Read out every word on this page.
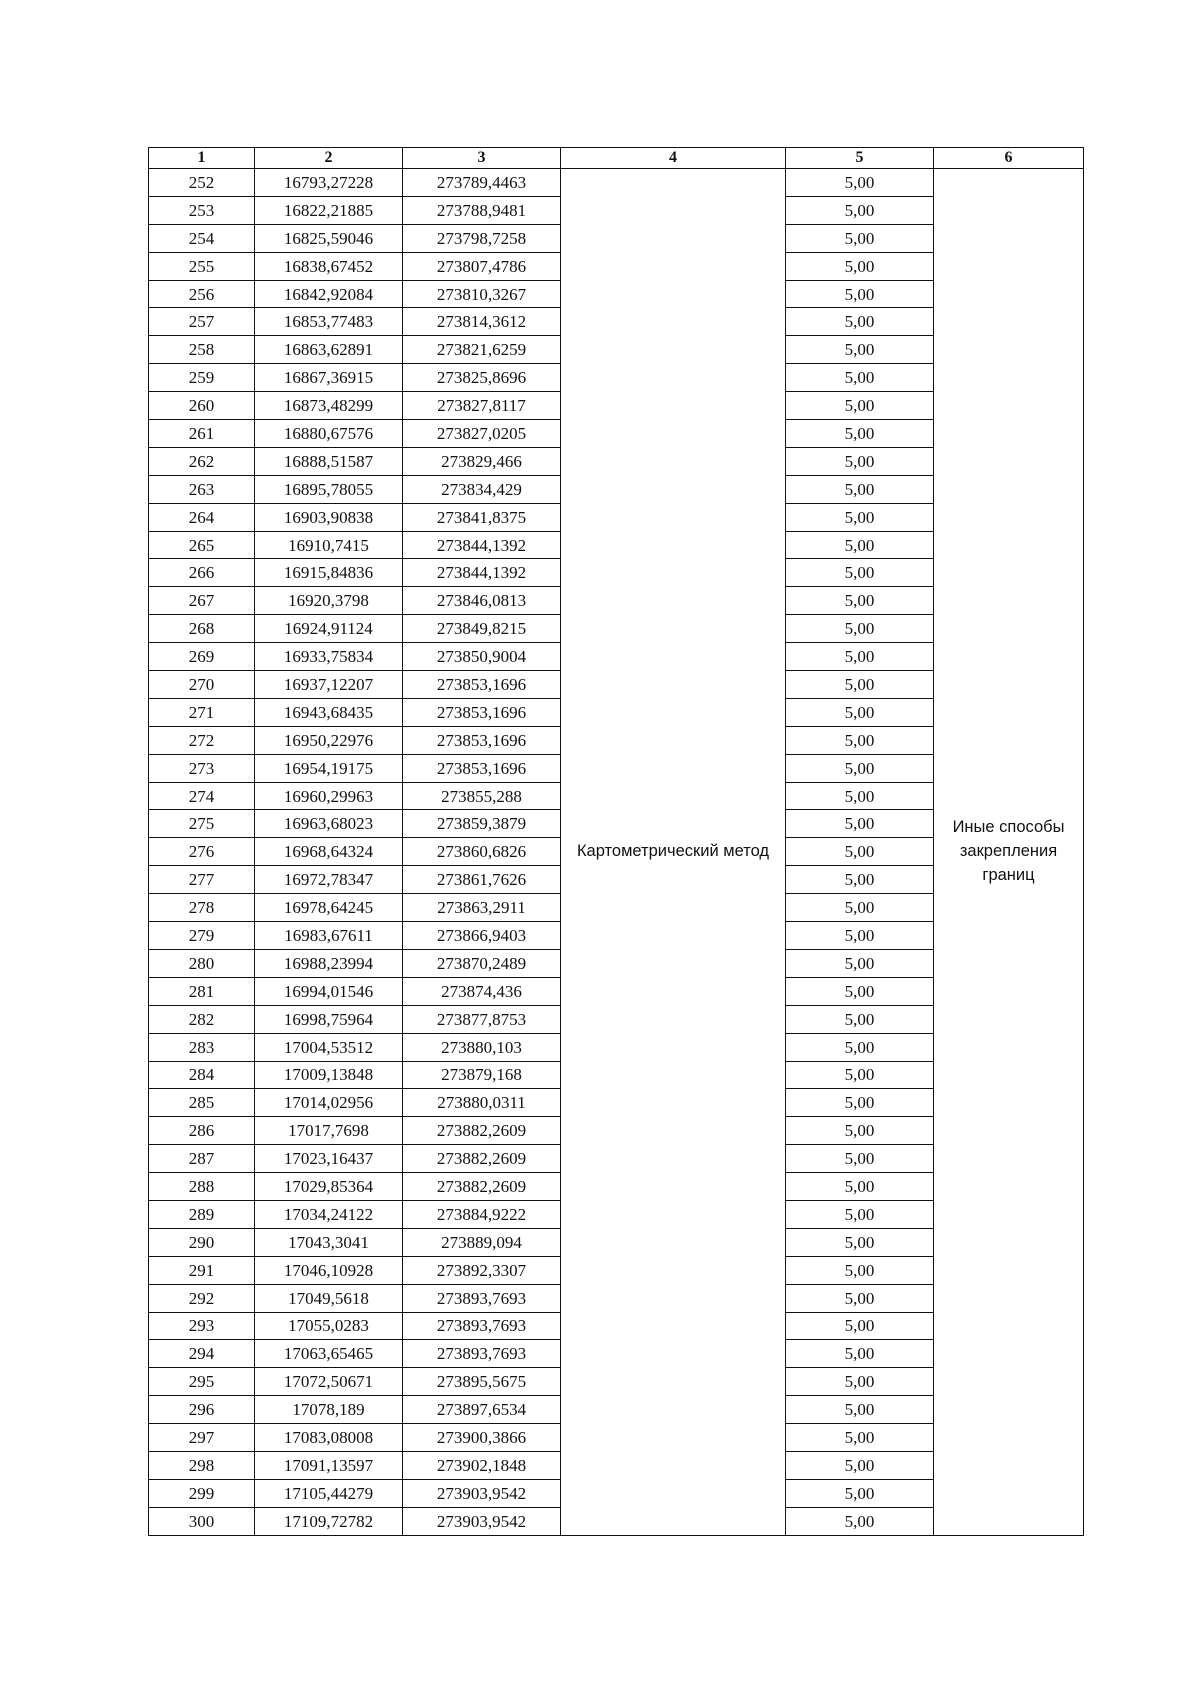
1	2	3	4	5	6
252	16793,27228	273789,4463	Картометрический метод	5,00	Иные способы закрепления границ
253	16822,21885	273788,9481		5,00	
254	16825,59046	273798,7258		5,00	
255	16838,67452	273807,4786		5,00	
256	16842,92084	273810,3267		5,00	
257	16853,77483	273814,3612		5,00	
258	16863,62891	273821,6259		5,00	
259	16867,36915	273825,8696		5,00	
260	16873,48299	273827,8117		5,00	
261	16880,67576	273827,0205		5,00	
262	16888,51587	273829,466		5,00	
263	16895,78055	273834,429		5,00	
264	16903,90838	273841,8375		5,00	
265	16910,7415	273844,1392		5,00	
266	16915,84836	273844,1392		5,00	
267	16920,3798	273846,0813		5,00	
268	16924,91124	273849,8215		5,00	
269	16933,75834	273850,9004		5,00	
270	16937,12207	273853,1696		5,00	
271	16943,68435	273853,1696		5,00	
272	16950,22976	273853,1696		5,00	
273	16954,19175	273853,1696		5,00	
274	16960,29963	273855,288		5,00	
275	16963,68023	273859,3879		5,00	
276	16968,64324	273860,6826		5,00	
277	16972,78347	273861,7626		5,00	
278	16978,64245	273863,2911		5,00	
279	16983,67611	273866,9403		5,00	
280	16988,23994	273870,2489		5,00	
281	16994,01546	273874,436		5,00	
282	16998,75964	273877,8753		5,00	
283	17004,53512	273880,103		5,00	
284	17009,13848	273879,168		5,00	
285	17014,02956	273880,0311		5,00	
286	17017,7698	273882,2609		5,00	
287	17023,16437	273882,2609		5,00	
288	17029,85364	273882,2609		5,00	
289	17034,24122	273884,9222		5,00	
290	17043,3041	273889,094		5,00	
291	17046,10928	273892,3307		5,00	
292	17049,5618	273893,7693		5,00	
293	17055,0283	273893,7693		5,00	
294	17063,65465	273893,7693		5,00	
295	17072,50671	273895,5675		5,00	
296	17078,189	273897,6534		5,00	
297	17083,08008	273900,3866		5,00	
298	17091,13597	273902,1848		5,00	
299	17105,44279	273903,9542		5,00	
300	17109,72782	273903,9542		5,00	
